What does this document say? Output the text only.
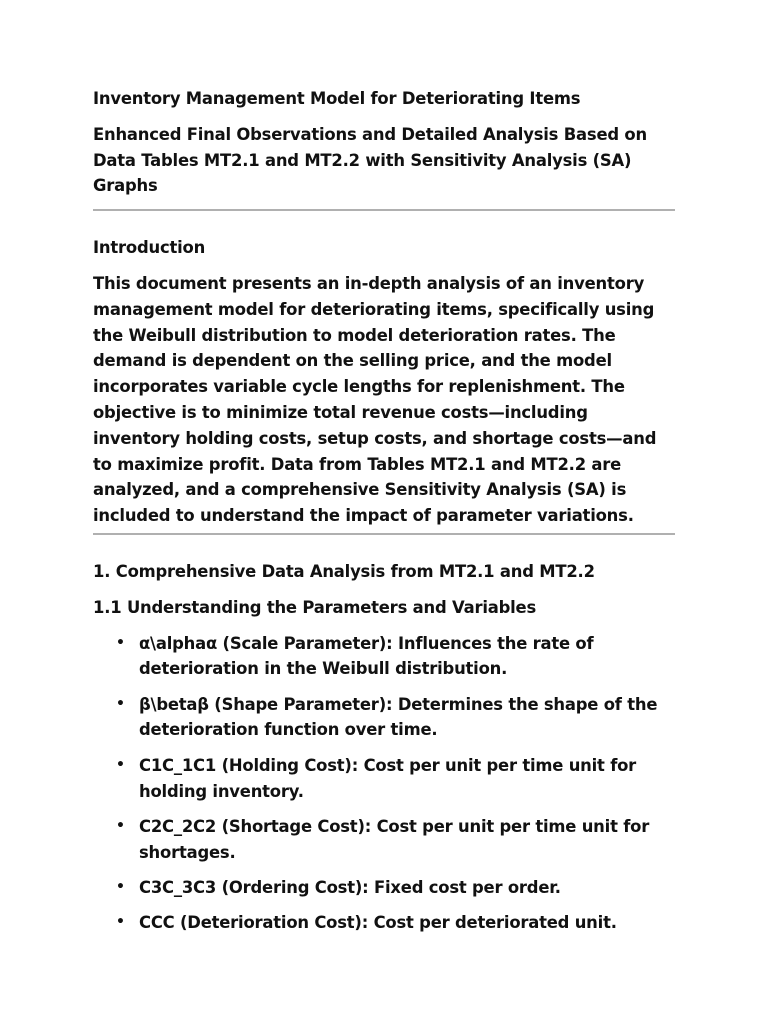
Inventory Management Model for Deteriorating Items

Enhanced Final Observations and Detailed Analysis Based on Data Tables MT2.1 and MT2.2 with Sensitivity Analysis (SA) Graphs

Introduction

This document presents an in-depth analysis of an inventory management model for deteriorating items, specifically using the Weibull distribution to model deterioration rates. The demand is dependent on the selling price, and the model incorporates variable cycle lengths for replenishment. The objective is to minimize total revenue costs—including inventory holding costs, setup costs, and shortage costs—and to maximize profit. Data from Tables MT2.1 and MT2.2 are analyzed, and a comprehensive Sensitivity Analysis (SA) is included to understand the impact of parameter variations.

1. Comprehensive Data Analysis from MT2.1 and MT2.2

1.1 Understanding the Parameters and Variables

• α\alphaα (Scale Parameter): Influences the rate of deterioration in the Weibull distribution.
• β\betaβ (Shape Parameter): Determines the shape of the deterioration function over time.
• C1C_1C1 (Holding Cost): Cost per unit per time unit for holding inventory.
• C2C_2C2 (Shortage Cost): Cost per unit per time unit for shortages.
• C3C_3C3 (Ordering Cost): Fixed cost per order.
• CCC (Deterioration Cost): Cost per deteriorated unit.
